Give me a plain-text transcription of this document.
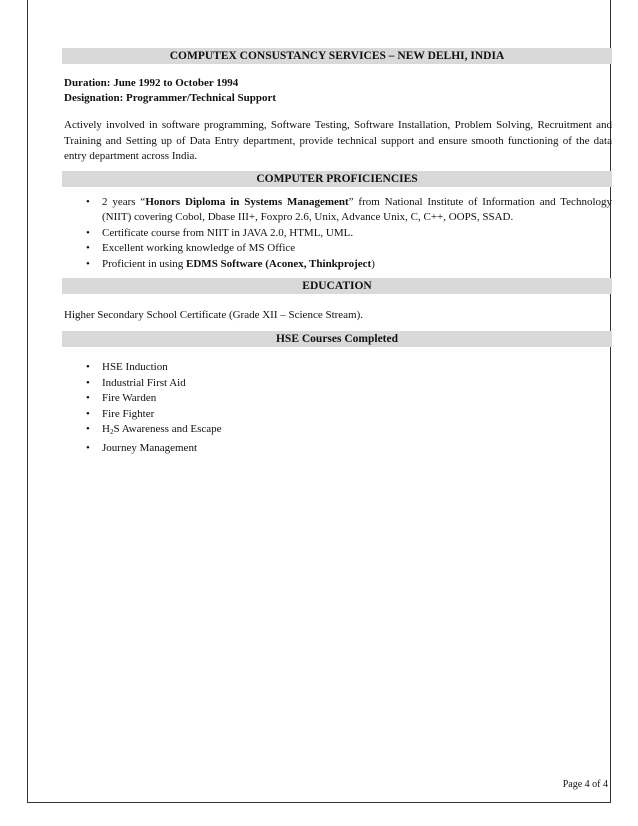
COMPUTEX CONSUSTANCY SERVICES – NEW DELHI, INDIA
Duration: June 1992 to October 1994
Designation: Programmer/Technical Support
Actively involved in software programming, Software Testing, Software Installation, Problem Solving, Recruitment and Training and Setting up of Data Entry department, provide technical support and ensure smooth functioning of the data entry department across India.
COMPUTER PROFICIENCIES
• 2 years “Honors Diploma in Systems Management” from National Institute of Information and Technology (NIIT) covering Cobol, Dbase III+, Foxpro 2.6, Unix, Advance Unix, C, C++, OOPS, SSAD.
• Certificate course from NIIT in JAVA 2.0, HTML, UML.
• Excellent working knowledge of MS Office
• Proficient in using EDMS Software (Aconex, Thinkproject)
EDUCATION
Higher Secondary School Certificate (Grade XII – Science Stream).
HSE Courses Completed
• HSE Induction
• Industrial First Aid
• Fire Warden
• Fire Fighter
• $H_2S$ Awareness and Escape
• Journey Management
Page 4 of 4
